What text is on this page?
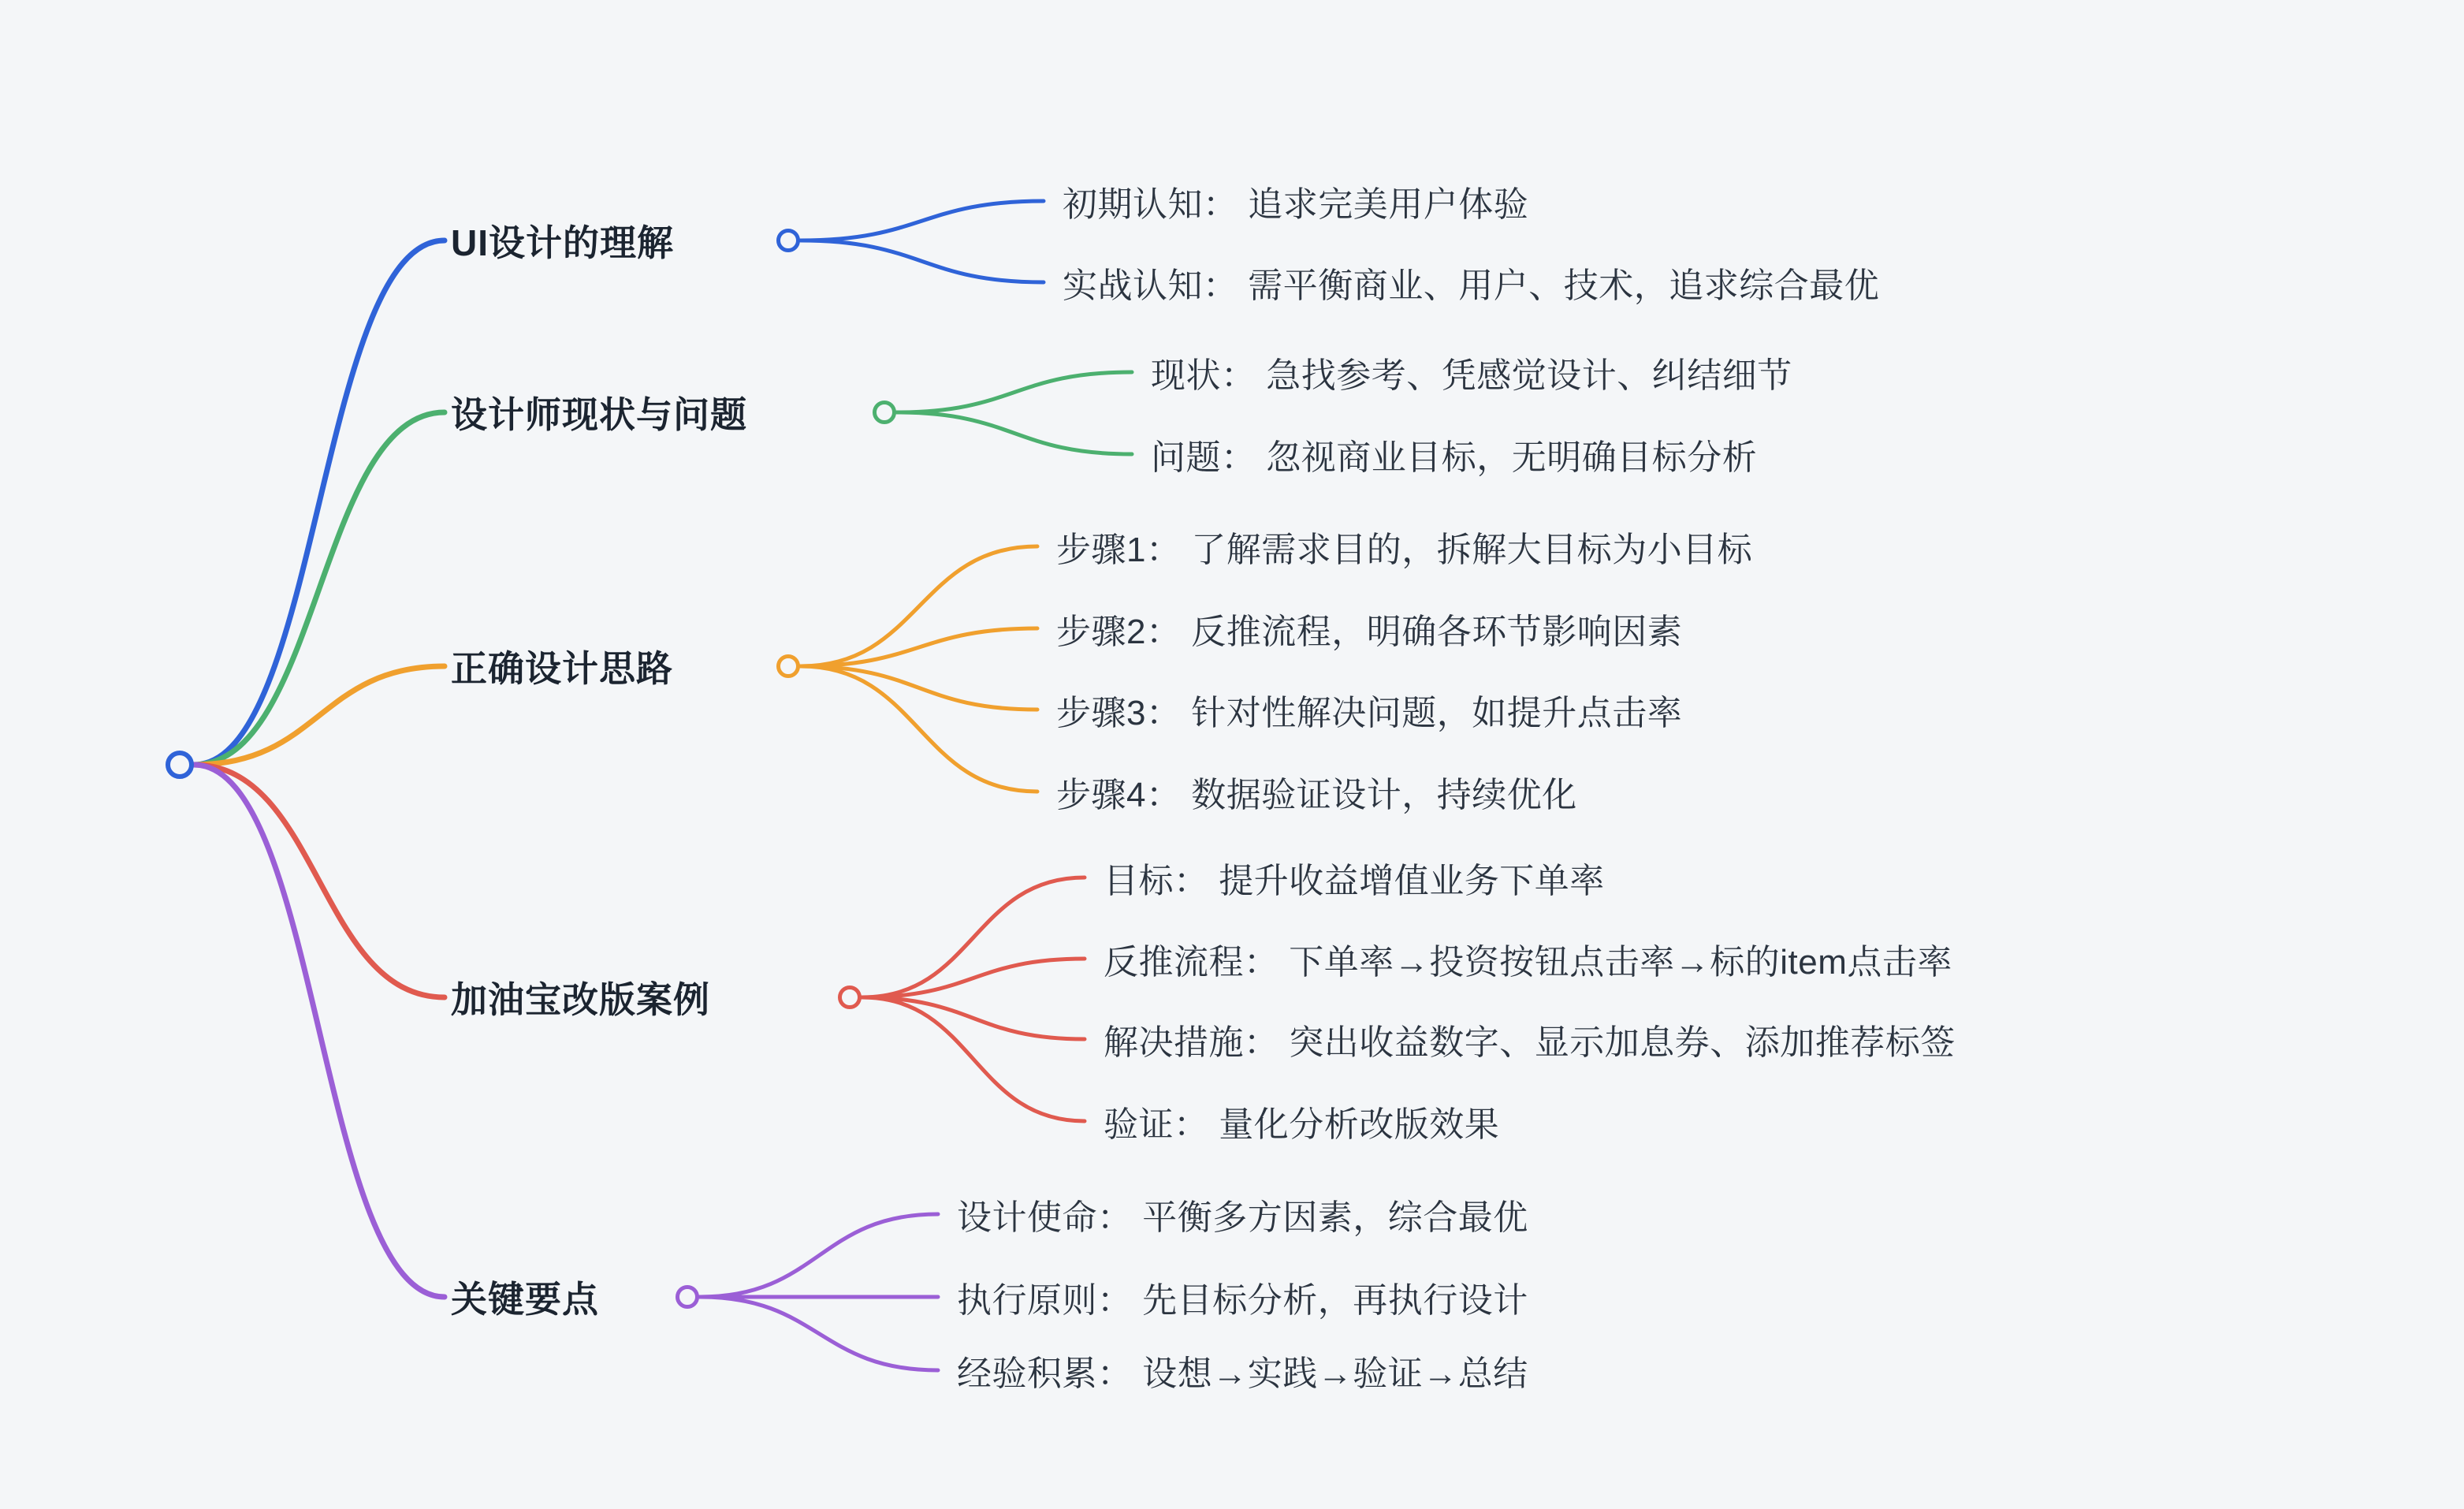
UI设计的理解
初期认知： 追求完美用户体验
实战认知： 需平衡商业、用户、技术，追求综合最优
设计师现状与问题
现状： 急找参考、凭感觉设计、纠结细节
问题： 忽视商业目标，无明确目标分析
正确设计思路
步骤1： 了解需求目的，拆解大目标为小目标
步骤2： 反推流程，明确各环节影响因素
步骤3： 针对性解决问题，如提升点击率
步骤4： 数据验证设计，持续优化
加油宝改版案例
目标： 提升收益增值业务下单率
反推流程： 下单率→投资按钮点击率→标的item点击率
解决措施： 突出收益数字、显示加息券、添加推荐标签
验证： 量化分析改版效果
关键要点
设计使命： 平衡多方因素，综合最优
执行原则： 先目标分析，再执行设计
经验积累： 设想→实践→验证→总结
